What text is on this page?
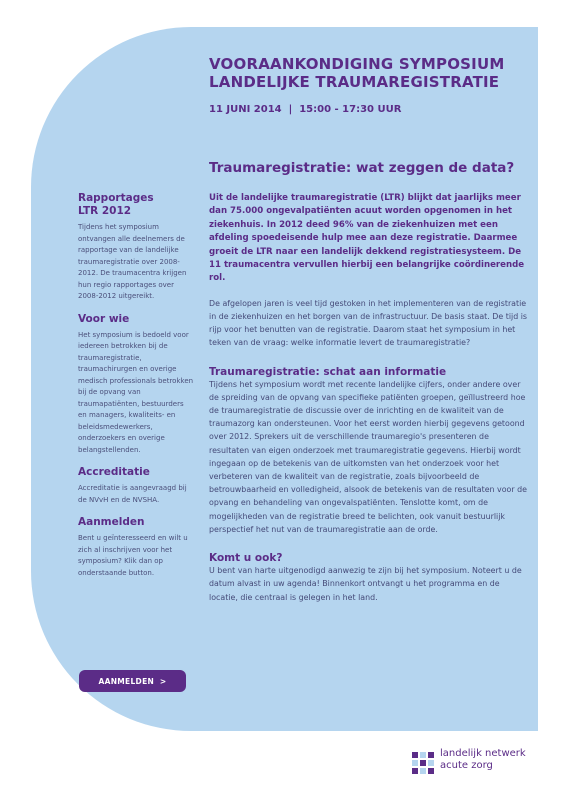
VOORAANKONDIGING SYMPOSIUM

LANDELIJKE TRAUMAREGISTRATIE

11 JUNI 2014  |  15:00 - 17:30 UUR

Rapportages

LTR 2012

Tijdens het symposium ontvangen alle deelnemers de rapportage van de landelijke traumaregistratie over 2008-2012. De traumacentra krijgen hun regio rapportages over 2008-2012 uitgereikt.

Voor wie

Het symposium is bedoeld voor iedereen betrokken bij de traumaregistratie, traumachirurgen en overige medisch professionals betrokken bij de opvang van traumapatiënten, bestuurders en managers, kwaliteits- en beleidsmedewerkers, onderzoekers en overige belangstellenden.

Accreditatie

Accreditatie is aangevraagd bij de NVvH en de NVSHA.

Aanmelden

Bent u geïnteresseerd en wilt u zich al inschrijven voor het symposium? Klik dan op onderstaande button.

AANMELDEN  >

Traumaregistratie: wat zeggen de data?

Uit de landelijke traumaregistratie (LTR) blijkt dat jaarlijks meer dan 75.000 ongevalpatiënten acuut worden opgenomen in het ziekenhuis. In 2012 deed 96% van de ziekenhuizen met een afdeling spoedeisende hulp mee aan deze registratie. Daarmee groeit de LTR naar een landelijk dekkend registratiesysteem. De 11 traumacentra vervullen hierbij een belangrijke coördinerende rol.

De afgelopen jaren is veel tijd gestoken in het implementeren van de registratie in de ziekenhuizen en het borgen van de infrastructuur. De basis staat. De tijd is rijp voor het benutten van de registratie. Daarom staat het symposium in het teken van de vraag: welke informatie levert de traumaregistratie?

Traumaregistratie: schat aan informatie

Tijdens het symposium wordt met recente landelijke cijfers, onder andere over de spreiding van de opvang van specifieke patiënten groepen, geïllustreerd hoe de traumaregistratie de discussie over de inrichting en de kwaliteit van de traumazorg kan ondersteunen. Voor het eerst worden hierbij gegevens getoond over 2012. Sprekers uit de verschillende traumaregio's presenteren de resultaten van eigen onderzoek met traumaregistratie gegevens. Hierbij wordt ingegaan op de betekenis van de uitkomsten van het onderzoek voor het verbeteren van de kwaliteit van de registratie, zoals bijvoorbeeld de betrouwbaarheid en volledigheid, alsook de betekenis van de resultaten voor de opvang en behandeling van ongevalspatiënten. Tenslotte komt, om de mogelijkheden van de registratie breed te belichten, ook vanuit bestuurlijk perspectief het nut van de traumaregistratie aan de orde.

Komt u ook?

U bent van harte uitgenodigd aanwezig te zijn bij het symposium. Noteert u de datum alvast in uw agenda! Binnenkort ontvangt u het programma en de locatie, die centraal is gelegen in het land.

landelijk netwerk
acute zorg
